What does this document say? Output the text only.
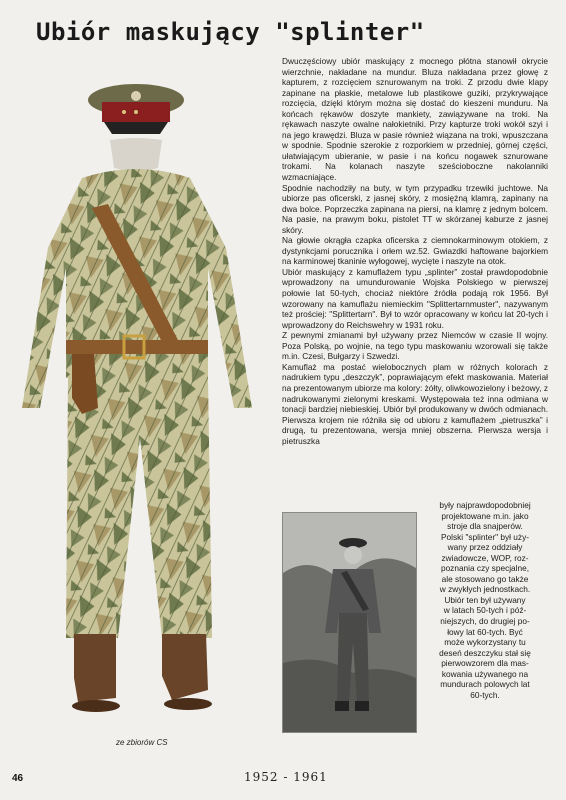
Ubiór maskujący "splinter"
ze zbiorów CS

Dwuczęściowy ubiór maskujący z mocnego płótna stanowił okrycie wierzchnie, nakładane na mundur. Bluza nakładana przez głowę z kapturem, z rozcięciem sznurowanym na troki. Z przodu dwie klapy zapinane na płaskie, metalowe lub plastikowe guziki, przykrywające rozcięcia, dzięki którym można się dostać do kieszeni munduru. Na końcach rękawów doszyte mankiety, zawiązywane na troki. Na rękawach naszyte owalne nałokietniki. Przy kapturze troki wokół szyi i na jego krawędzi. Bluza w pasie również wiązana na troki, wpuszczana w spodnie. Spodnie szerokie z rozporkiem w przedniej, górnej części, ułatwiającym ubieranie, w pasie i na końcu nogawek sznurowane trokami. Na kolanach naszyte sześcioboczne nakolanniki wzmacniające.

Spodnie nachodziły na buty, w tym przypadku trzewiki juchtowe. Na ubiorze pas oficerski, z jasnej skóry, z mosiężną klamrą, zapinany na dwa bolce. Poprzeczka zapinana na piersi, na klamrę z jednym bolcem. Na pasie, na prawym boku, pistolet TT w skórzanej kaburze z jasnej skóry.

Na głowie okrągła czapka oficerska z ciemnokarminowym otokiem, z dystynkcjami porucznika i orłem wz.52. Gwiazdki haftowane bajorkiem na karminowej tkaninie wyłogowej, wycięte i naszyte na otok.

Ubiór maskujący z kamuflażem typu „splinter” został prawdopodobnie wprowadzony na umundurowanie Wojska Polskiego w pierwszej połowie lat 50-tych, chociaż niektóre źródła podają rok 1956. Był wzorowany na kamuflażu niemieckim "Splittertarnmuster", nazywanym też prościej: "Splittertarn". Był to wzór opracowany w końcu lat 20-tych i wprowadzony do Reichswehry w 1931 roku.

Z pewnymi zmianami był używany przez Niemców w czasie II wojny. Poza Polską, po wojnie, na tego typu maskowaniu wzorowali się także m.in. Czesi, Bułgarzy i Szwedzi.

Kamuflaż ma postać wielobocznych plam w różnych kolorach z nadrukiem typu „deszczyk”, poprawiającym efekt maskowania. Materiał na prezentowanym ubiorze ma kolory: żółty, oliwkowozielony i beżowy, z nadrukowanymi zielonymi kreskami. Występowała też inna odmiana w tonacji bardziej niebieskiej. Ubiór był produkowany w dwóch odmianach. Pierwsza krojem nie różniła się od ubioru z kamuflażem „pietruszka” i drugą, tu prezentowana, wersja mniej obszerna. Pierwsza wersja i pietruszka

były najprawdopodobniej
projektowane m.in. jako
stroje dla snajperów.
Polski "splinter" był uży-
wany przez oddziały
zwiadowcze, WOP, roz-
poznania czy specjalne,
ale stosowano go także
w zwykłych jednostkach.
Ubiór ten był używany
w latach 50-tych i póź-
niejszych, do drugiej po-
łowy lat 60-tych. Być
może wykorzystany tu
deseń deszczyku stał się
pierwowzorem dla mas-
kowania używanego na
mundurach polowych lat
60-tych.
46	1952 - 1961
